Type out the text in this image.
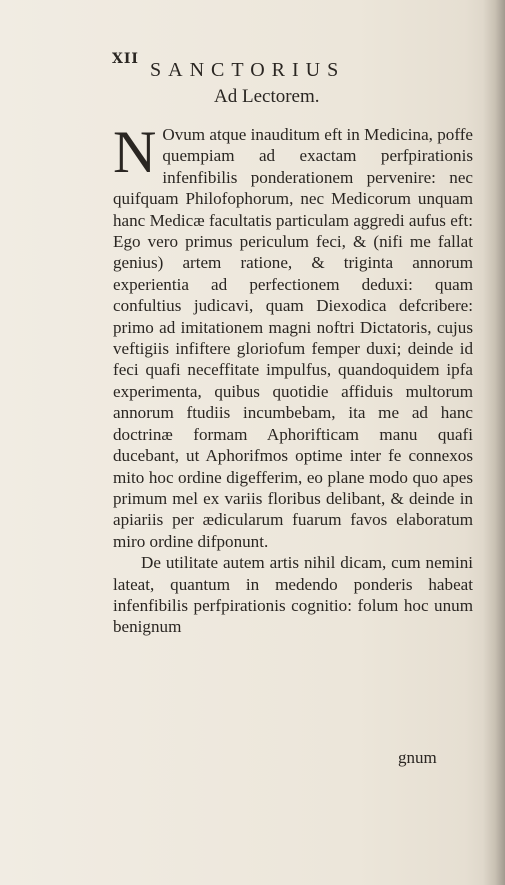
XII SANCTORIUS
Ad Lectorem.

N Ovum atque inauditum eft in Medicina, poffe quempiam ad exactam perfpirationis infenfibilis ponderationem pervenire: nec quifquam Philofophorum, nec Medicorum unquam hanc Medicæ facultatis particulam aggredi aufus eft: Ego vero primus periculum feci, & (nifi me fallat genius) artem ratione, & triginta annorum experientia ad perfectionem deduxi: quam confultius judicavi, quam Diexodica defcribere: primo ad imitationem magni noftri Dictatoris, cujus veftigiis infiftere gloriofum femper duxi; deinde id feci quafi neceffitate impulfus, quandoquidem ipfa experimenta, quibus quotidie affiduis multorum annorum ftudiis incumbebam, ita me ad hanc doctrinæ formam Aphorifticam manu quafi ducebant, ut Aphorifmos optime inter fe connexos mito hoc ordine digefferim, eo plane modo quo apes primum mel ex variis floribus delibant, & deinde in apiariis per ædicularum fuarum favos elaboratum miro ordine difponunt.

De utilitate autem artis nihil dicam, cum nemini lateat, quantum in medendo ponderis habeat infenfibilis perfpirationis cognitio: folum hoc unum benignum

gnum
